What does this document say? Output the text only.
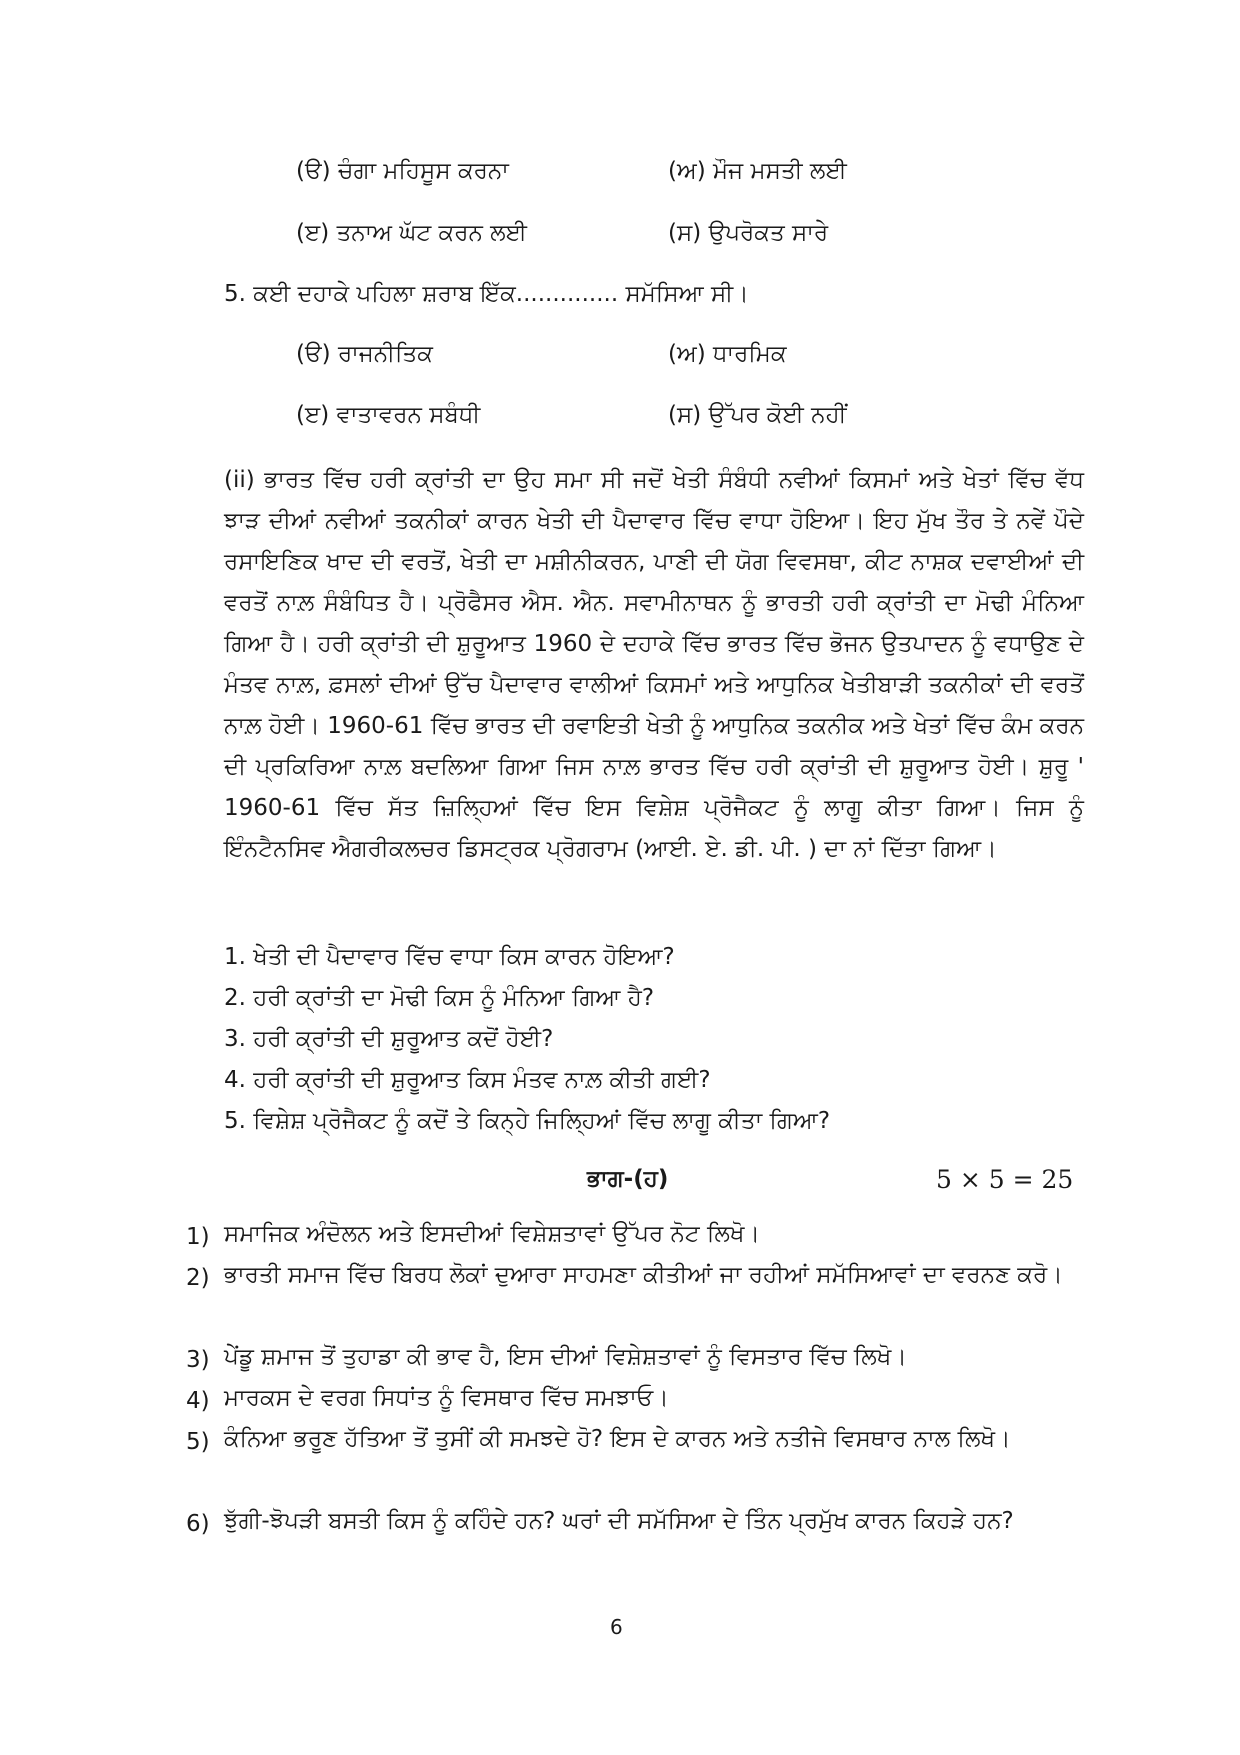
(ੳ) ਚੰਗਾ ਮਹਿਸੂਸ ਕਰਨਾ	(ਅ) ਮੌਜ ਮਸਤੀ ਲਈ
(ੲ) ਤਨਾਅ ਘੱਟ ਕਰਨ ਲਈ	(ਸ) ਉਪਰੋਕਤ ਸਾਰੇ
5. ਕਈ ਦਹਾਕੇ ਪਹਿਲਾ ਸ਼ਰਾਬ ਇੱਕ.............. ਸਮੱਸਿਆ ਸੀ।
(ੳ) ਰਾਜਨੀਤਿਕ	(ਅ) ਧਾਰਮਿਕ
(ੲ) ਵਾਤਾਵਰਨ ਸਬੰਧੀ	(ਸ) ਉੱਪਰ ਕੋਈ ਨਹੀਂ
(ii) ਭਾਰਤ ਵਿੱਚ ਹਰੀ ਕ੍ਰਾਂਤੀ ਦਾ ਉਹ ਸਮਾ ਸੀ ਜਦੋਂ ਖੇਤੀ ਸੰਬੰਧੀ ਨਵੀਆਂ ਕਿਸਮਾਂ ਅਤੇ ਖੇਤਾਂ ਵਿੱਚ ਵੱਧ ਝਾੜ ਦੀਆਂ ਨਵੀਆਂ ਤਕਨੀਕਾਂ ਕਾਰਨ ਖੇਤੀ ਦੀ ਪੈਦਾਵਾਰ ਵਿੱਚ ਵਾਧਾ ਹੋਇਆ। ਇਹ ਮੁੱਖ ਤੌਰ ਤੇ ਨਵੇਂ ਪੌਦੇ ਰਸਾਇਣਿਕ ਖਾਦ ਦੀ ਵਰਤੋਂ, ਖੇਤੀ ਦਾ ਮਸ਼ੀਨੀਕਰਨ, ਪਾਣੀ ਦੀ ਯੋਗ ਵਿਵਸਥਾ, ਕੀਟ ਨਾਸ਼ਕ ਦਵਾਈਆਂ ਦੀ ਵਰਤੋਂ ਨਾਲ਼ ਸੰਬੰਧਿਤ ਹੈ। ਪ੍ਰੋਫੈਸਰ ਐਸ. ਐਨ. ਸਵਾਮੀਨਾਥਨ ਨੂੰ ਭਾਰਤੀ ਹਰੀ ਕ੍ਰਾਂਤੀ ਦਾ ਮੋਢੀ ਮੰਨਿਆ ਗਿਆ ਹੈ। ਹਰੀ ਕ੍ਰਾਂਤੀ ਦੀ ਸ਼ੁਰੂਆਤ 1960 ਦੇ ਦਹਾਕੇ ਵਿੱਚ ਭਾਰਤ ਵਿੱਚ ਭੋਜਨ ਉਤਪਾਦਨ ਨੂੰ ਵਧਾਉਣ ਦੇ ਮੰਤਵ ਨਾਲ਼, ਫ਼ਸਲਾਂ ਦੀਆਂ ਉੱਚ ਪੈਦਾਵਾਰ ਵਾਲੀਆਂ ਕਿਸਮਾਂ ਅਤੇ ਆਧੁਨਿਕ ਖੇਤੀਬਾੜੀ ਤਕਨੀਕਾਂ ਦੀ ਵਰਤੋਂ ਨਾਲ਼ ਹੋਈ। 1960-61 ਵਿੱਚ ਭਾਰਤ ਦੀ ਰਵਾਇਤੀ ਖੇਤੀ ਨੂੰ ਆਧੁਨਿਕ ਤਕਨੀਕ ਅਤੇ ਖੇਤਾਂ ਵਿੱਚ ਕੰਮ ਕਰਨ ਦੀ ਪ੍ਰਕਿਰਿਆ ਨਾਲ਼ ਬਦਲਿਆ ਗਿਆ ਜਿਸ ਨਾਲ਼ ਭਾਰਤ ਵਿੱਚ ਹਰੀ ਕ੍ਰਾਂਤੀ ਦੀ ਸ਼ੁਰੂਆਤ ਹੋਈ। ਸ਼ੁਰੂ ' 1960-61 ਵਿੱਚ ਸੱਤ ਜ਼ਿਲ੍ਹਿਆਂ ਵਿੱਚ ਇਸ ਵਿਸ਼ੇਸ਼ ਪ੍ਰੋਜੈਕਟ ਨੂੰ ਲਾਗੂ ਕੀਤਾ ਗਿਆ। ਜਿਸ ਨੂੰ ਇੰਨਟੈਨਸਿਵ ਐਗਰੀਕਲਚਰ ਡਿਸਟ੍ਰਕ ਪ੍ਰੋਗਰਾਮ (ਆਈ. ਏ. ਡੀ. ਪੀ. ) ਦਾ ਨਾਂ ਦਿੱਤਾ ਗਿਆ।
1. ਖੇਤੀ ਦੀ ਪੈਦਾਵਾਰ ਵਿੱਚ ਵਾਧਾ ਕਿਸ ਕਾਰਨ ਹੋਇਆ?
2. ਹਰੀ ਕ੍ਰਾਂਤੀ ਦਾ ਮੋਢੀ ਕਿਸ ਨੂੰ ਮੰਨਿਆ ਗਿਆ ਹੈ?
3. ਹਰੀ ਕ੍ਰਾਂਤੀ ਦੀ ਸ਼ੁਰੂਆਤ ਕਦੋਂ ਹੋਈ?
4. ਹਰੀ ਕ੍ਰਾਂਤੀ ਦੀ ਸ਼ੁਰੂਆਤ ਕਿਸ ਮੰਤਵ ਨਾਲ਼ ਕੀਤੀ ਗਈ?
5. ਵਿਸ਼ੇਸ਼ ਪ੍ਰੋਜੈਕਟ ਨੂੰ ਕਦੋਂ ਤੇ ਕਿਨ੍ਹੇ ਜਿਲ੍ਹਿਆਂ ਵਿੱਚ ਲਾਗੂ ਕੀਤਾ ਗਿਆ?
ਭਾਗ-(ਹ)	5 × 5 = 25
1) ਸਮਾਜਿਕ ਅੰਦੋਲਨ ਅਤੇ ਇਸਦੀਆਂ ਵਿਸ਼ੇਸ਼ਤਾਵਾਂ ਉੱਪਰ ਨੋਟ ਲਿਖੋ।
2) ਭਾਰਤੀ ਸਮਾਜ ਵਿੱਚ ਬਿਰਧ ਲੋਕਾਂ ਦੁਆਰਾ ਸਾਹਮਣਾ ਕੀਤੀਆਂ ਜਾ ਰਹੀਆਂ ਸਮੱਸਿਆਵਾਂ ਦਾ ਵਰਨਣ ਕਰੋ।
3) ਪੇਂਡੂ ਸ਼ਮਾਜ ਤੋਂ ਤੁਹਾਡਾ ਕੀ ਭਾਵ ਹੈ, ਇਸ ਦੀਆਂ ਵਿਸ਼ੇਸ਼ਤਾਵਾਂ ਨੂੰ ਵਿਸਤਾਰ ਵਿੱਚ ਲਿਖੋ।
4) ਮਾਰਕਸ ਦੇ ਵਰਗ ਸਿਧਾਂਤ ਨੂੰ ਵਿਸਥਾਰ ਵਿੱਚ ਸਮਝਾਓ।
5) ਕੰਨਿਆ ਭਰੂਣ ਹੱਤਿਆ ਤੋਂ ਤੁਸੀਂ ਕੀ ਸਮਝਦੇ ਹੋ? ਇਸ ਦੇ ਕਾਰਨ ਅਤੇ ਨਤੀਜੇ ਵਿਸਥਾਰ ਨਾਲ ਲਿਖੋ।
6) ਝੁੱਗੀ-ਝੋਪੜੀ ਬਸਤੀ ਕਿਸ ਨੂੰ ਕਹਿੰਦੇ ਹਨ? ਘਰਾਂ ਦੀ ਸਮੱਸਿਆ ਦੇ ਤਿੰਨ ਪ੍ਰਮੁੱਖ ਕਾਰਨ ਕਿਹੜੇ ਹਨ?
6
